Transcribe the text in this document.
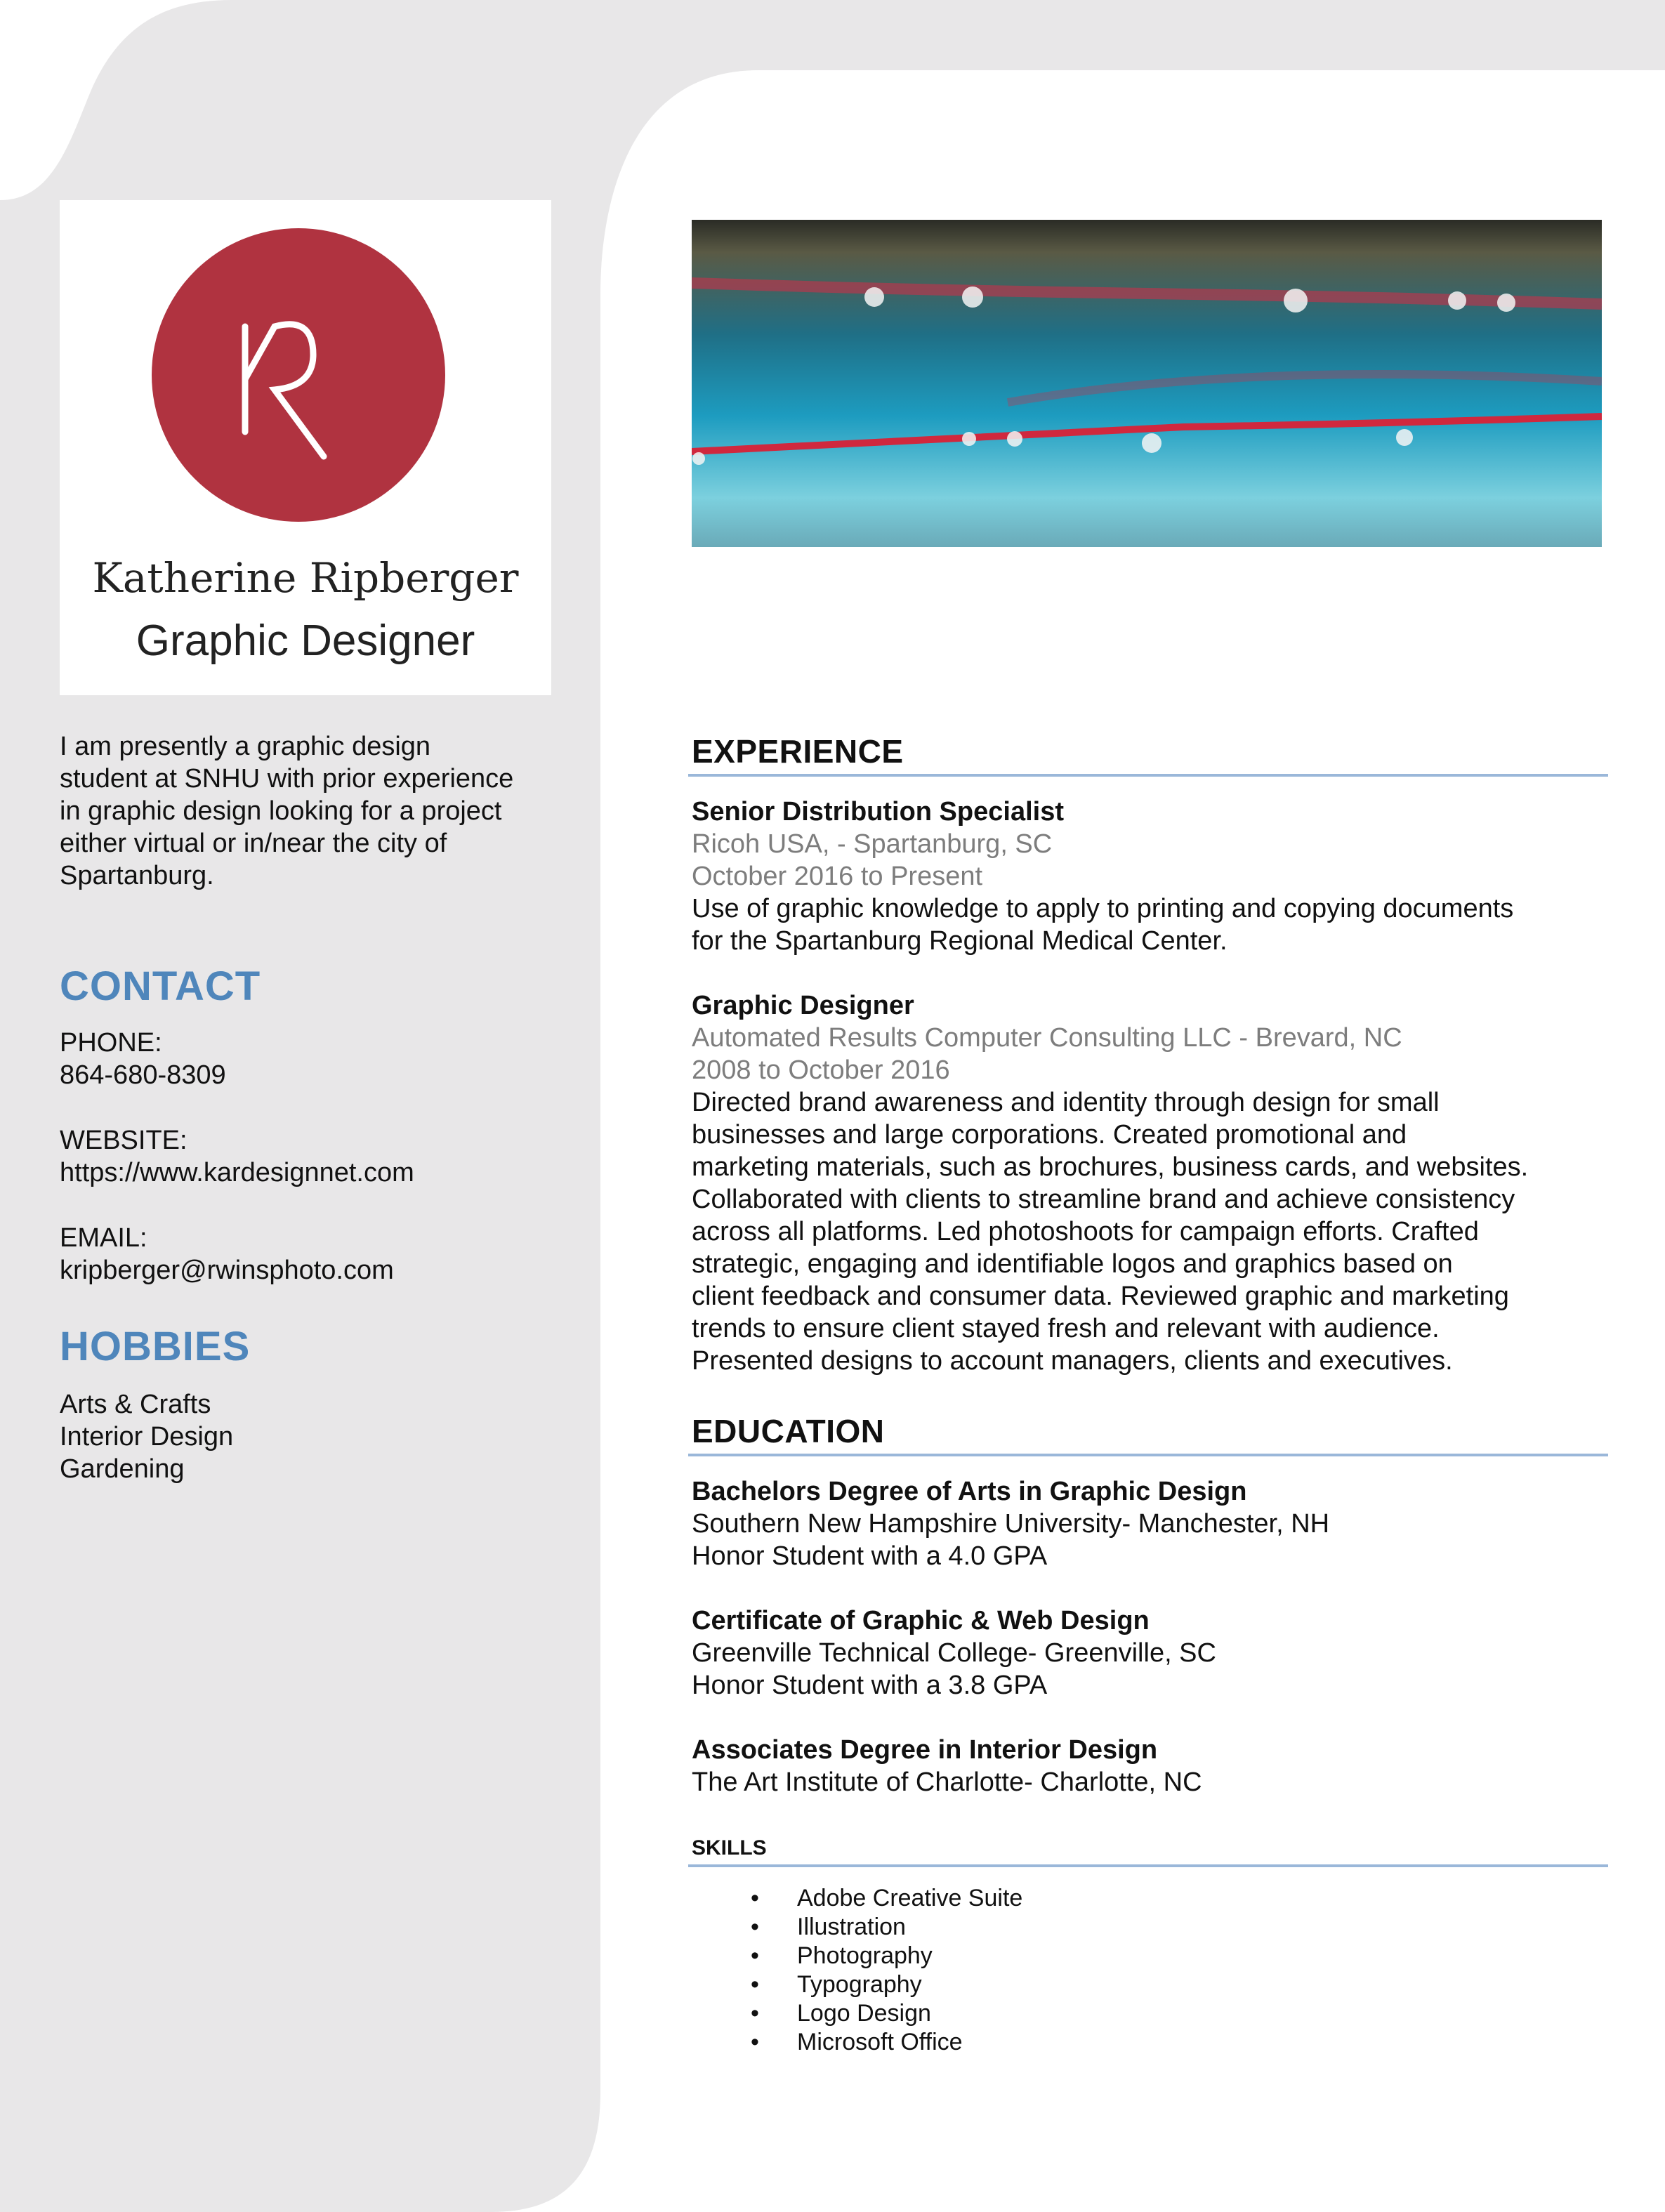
Katherine Ripberger
Graphic Designer
I am presently a graphic design
student at SNHU with prior experience
in graphic design looking for a project
either virtual or in/near the city of
Spartanburg.
CONTACT
PHONE:
864-680-8309
WEBSITE:
https://www.kardesignnet.com
EMAIL:
kripberger@rwinsphoto.com
HOBBIES
Arts & Crafts
Interior Design
Gardening
EXPERIENCE
Senior Distribution Specialist
Ricoh USA, - Spartanburg, SC
October 2016 to Present
Use of graphic knowledge to apply to printing and copying documents
for the Spartanburg Regional Medical Center.
Graphic Designer
Automated Results Computer Consulting LLC - Brevard, NC
2008 to October 2016
Directed brand awareness and identity through design for small
businesses and large corporations. Created promotional and
marketing materials, such as brochures, business cards, and websites.
Collaborated with clients to streamline brand and achieve consistency
across all platforms. Led photoshoots for campaign efforts. Crafted
strategic, engaging and identifiable logos and graphics based on
client feedback and consumer data. Reviewed graphic and marketing
trends to ensure client stayed fresh and relevant with audience.
Presented designs to account managers, clients and executives.
EDUCATION
Bachelors Degree of Arts in Graphic Design
Southern New Hampshire University- Manchester, NH
Honor Student with a 4.0 GPA
Certificate of Graphic & Web Design
Greenville Technical College- Greenville, SC
Honor Student with a 3.8 GPA
Associates Degree in Interior Design
The Art Institute of Charlotte- Charlotte, NC
SKILLS
• Adobe Creative Suite
• Illustration
• Photography
• Typography
• Logo Design
• Microsoft Office
